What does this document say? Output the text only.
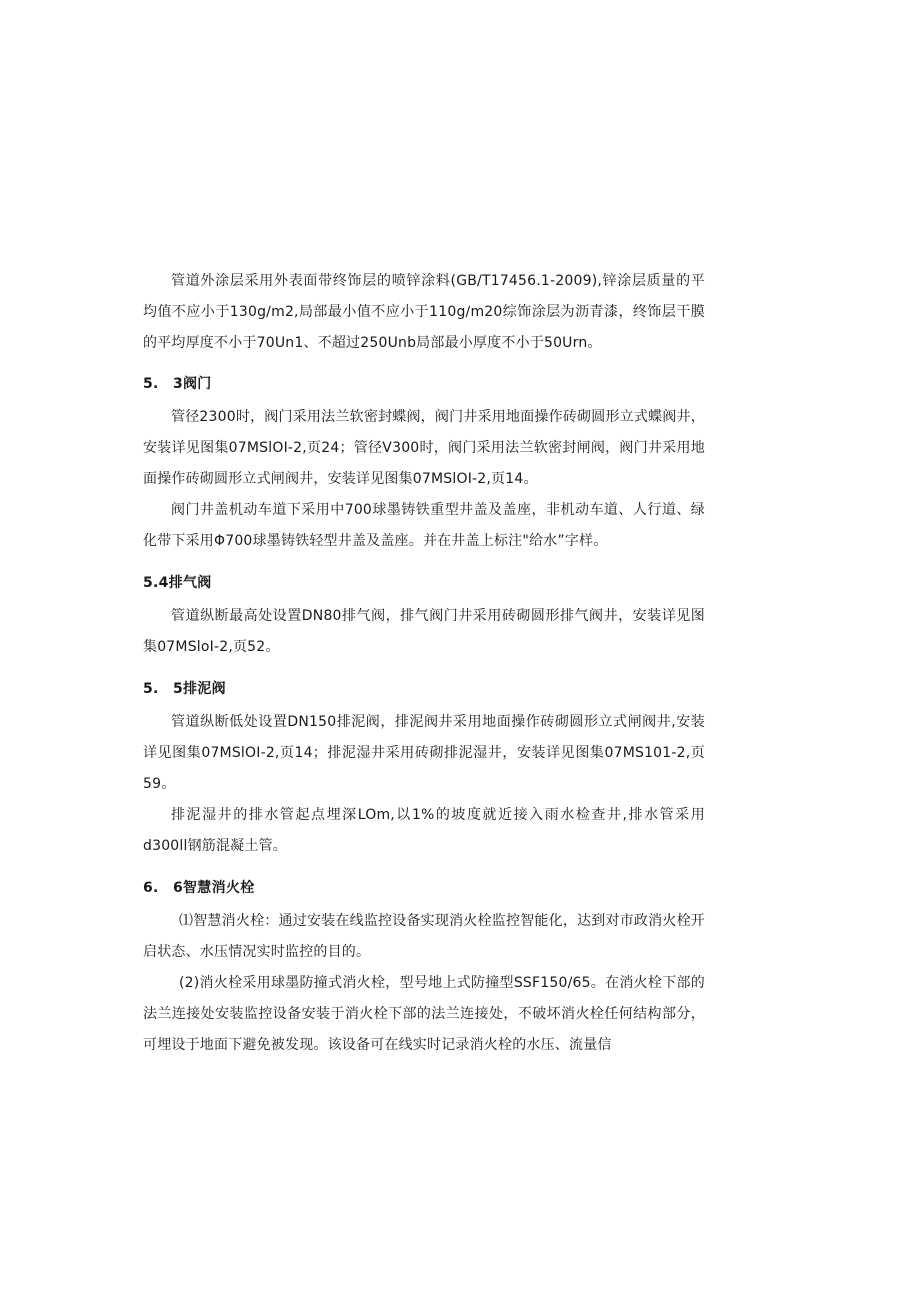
管道外涂层采用外表面带终饰层的喷锌涂料(GB/T17456.1-2009),锌涂层质量的平均值不应小于130g∕m2,局部最小值不应小于110g∕m20综饰涂层为沥青漆，终饰层干膜的平均厚度不小于70Un1、不超过250Unb局部最小厚度不小于50Urn。

5.　3阀门

管径2300时，阀门采用法兰软密封蝶阀，阀门井采用地面操作砖砌圆形立式蝶阀井，安装详见图集07MSlOI-2,页24；管径V300时，阀门采用法兰软密封闸阀，阀门井采用地面操作砖砌圆形立式闸阀井，安装详见图集07MSlOI-2,页14。

阀门井盖机动车道下采用中700球墨铸铁重型井盖及盖座，非机动车道、人行道、绿化带下采用Φ700球墨铸铁轻型井盖及盖座。并在井盖上标注"给水”字样。

5.4排气阀

管道纵断最高处设置DN80排气阀，排气阀门井采用砖砌圆形排气阀井，安装详见图集07MSloI-2,页52。

5.　5排泥阀

管道纵断低处设置DN150排泥阀，排泥阀井采用地面操作砖砌圆形立式闸阀井,安装详见图集07MSlOI-2,页14；排泥湿井采用砖砌排泥湿井，安装详见图集07MS101-2,页59。

排泥湿井的排水管起点埋深LOm,以1%的坡度就近接入雨水检查井,排水管采用d300ll钢筋混凝土管。

6.　6智慧消火栓

⑴智慧消火栓：通过安装在线监控设备实现消火栓监控智能化，达到对市政消火栓开启状态、水压情况实时监控的目的。

(2)消火栓采用球墨防撞式消火栓，型号地上式防撞型SSF150/65。在消火栓下部的法兰连接处安装监控设备安装于消火栓下部的法兰连接处，不破坏消火栓任何结构部分，可埋设于地面下避免被发现。该设备可在线实时记录消火栓的水压、流量信
